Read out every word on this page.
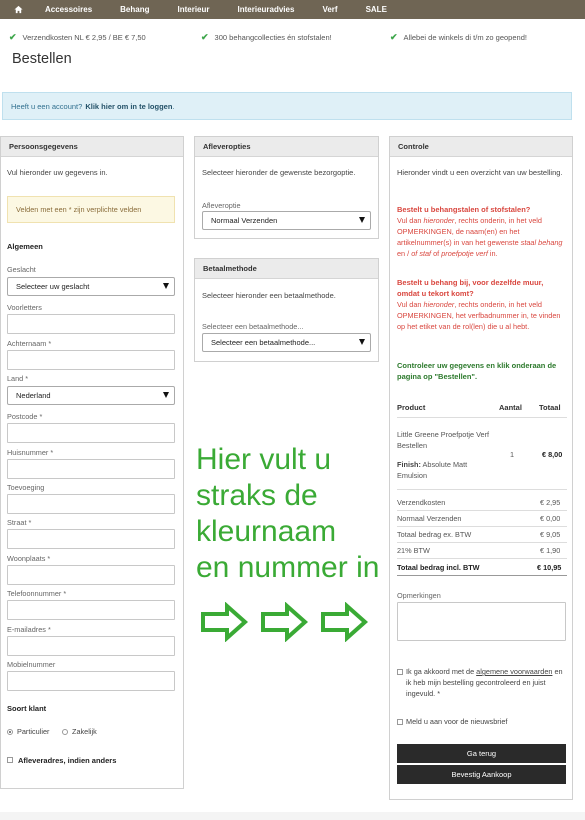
Accessoires	Behang	Interieur	Interieuradvies	Verf	SALE
✔ Verzendkosten NL € 2,95 / BE € 7,50	✔ 300 behangcollecties én stofstalen!	✔ Allebei de winkels di t/m zo geopend!
Bestellen
Heeft u een account? Klik hier om in te loggen .
Persoonsgegevens
Vul hieronder uw gegevens in.
Velden met een * zijn verplichte velden
Algemeen
Geslacht
Selecteer uw geslacht
Voorletters
Achternaam *
Land *
Nederland
Postcode *
Huisnummer *
Toevoeging
Straat *
Woonplaats *
Telefoonnummer *
E-mailadres *
Mobielnummer
Soort klant
Particulier	Zakelijk
Afleveradres, indien anders
Afleveropties
Selecteer hieronder de gewenste bezorgoptie.
Afleveroptie
Normaal Verzenden
Betaalmethode
Selecteer hieronder een betaalmethode.
Selecteer een betaalmethode...
Selecteer een betaalmethode...
Controle
Hieronder vindt u een overzicht van uw bestelling.
Bestelt u behangstalen of stofstalen?
Vul dan hieronder, rechts onderin, in het veld OPMERKINGEN, de naam(en) en het artikelnummer(s) in van het gewenste staal behang en / of staf of proefpotje verf in.
Bestelt u behang bij, voor dezelfde muur, omdat u tekort komt?
Vul dan hieronder, rechts onderin, in het veld OPMERKINGEN, het verfbadnummer in, te vinden op het etiket van de rol(len) die u al hebt.
Controleer uw gegevens en klik onderaan de pagina op "Bestellen".
Product	Aantal Totaal
Little Greene Proefpotje Verf Bestellen
Finish: Absolute Matt Emulsion
1	€ 8,00
Verzendkosten	€ 2,95
Normaal Verzenden	€ 0,00
Totaal bedrag ex. BTW	€ 9,05
21% BTW	€ 1,90
Totaal bedrag incl. BTW	€ 10,95
Opmerkingen
Ik ga akkoord met de algemene voorwaarden en ik heb mijn bestelling gecontroleerd en juist ingevuld. *
Meld u aan voor de nieuwsbrief
Ga terug
Bevestig Aankoop
Hier vult u
straks de
kleurnaam
en nummer in
